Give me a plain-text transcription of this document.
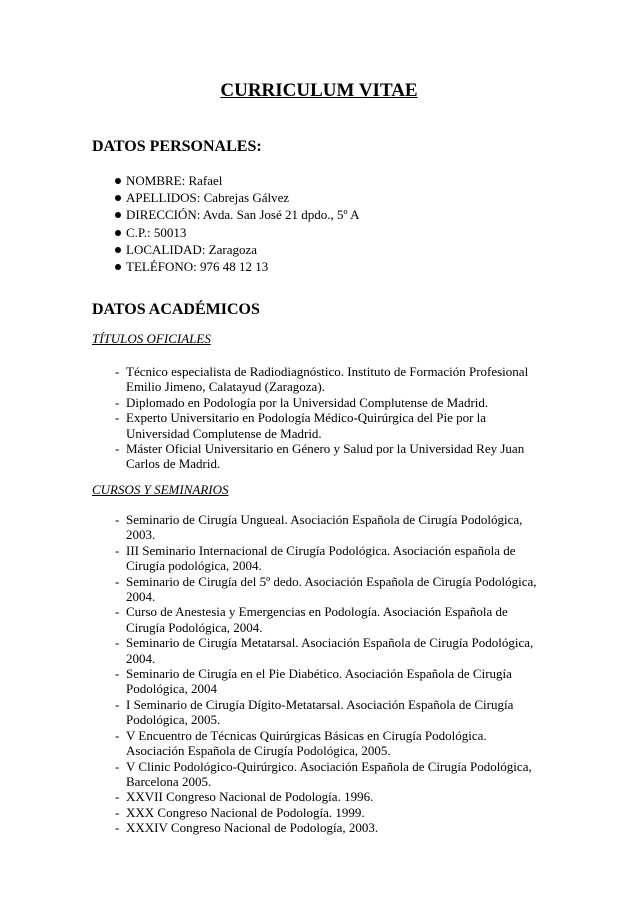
CURRICULUM VITAE
DATOS PERSONALES:
NOMBRE: Rafael
APELLIDOS: Cabrejas Gálvez
DIRECCIÓN: Avda. San José 21 dpdo., 5º A
C.P.: 50013
LOCALIDAD: Zaragoza
TELÉFONO: 976 48 12 13
DATOS ACADÉMICOS
TÍTULOS OFICIALES
- Técnico especialista de Radiodiagnóstico. Instituto de Formación Profesional
Emilio Jimeno, Calatayud (Zaragoza).
- Diplomado en Podología por la Universidad Complutense de Madrid.
- Experto Universitario en Podología Médico-Quirúrgica del Pie por la
Universidad Complutense de Madrid.
- Máster Oficial Universitario en Género y Salud por la Universidad Rey Juan
Carlos de Madrid.
CURSOS Y SEMINARIOS
- Seminario de Cirugía Ungueal. Asociación Española de Cirugía Podológica,
2003.
- III Seminario Internacional de Cirugía Podológica. Asociación española de
Cirugía podológica, 2004.
- Seminario de Cirugía del 5º dedo. Asociación Española de Cirugía Podológica,
2004.
- Curso de Anestesia y Emergencias en Podología. Asociación Española de
Cirugía Podológica, 2004.
- Seminario de Cirugía Metatarsal. Asociación Española de Cirugía Podológica,
2004.
- Seminario de Cirugía en el Pie Diabético. Asociación Española de Cirugía
Podológica, 2004
- I Seminario de Cirugía Dígito-Metatarsal. Asociación Española de Cirugía
Podológica, 2005.
- V Encuentro de Técnicas Quirúrgicas Básicas en Cirugía Podológica.
Asociación Española de Cirugía Podológica, 2005.
- V Clinic Podológico-Quirúrgico. Asociación Española de Cirugía Podológica,
Barcelona 2005.
- XXVII Congreso Nacional de Podología. 1996.
- XXX Congreso Nacional de Podología. 1999.
- XXXIV Congreso Nacional de Podología, 2003.
